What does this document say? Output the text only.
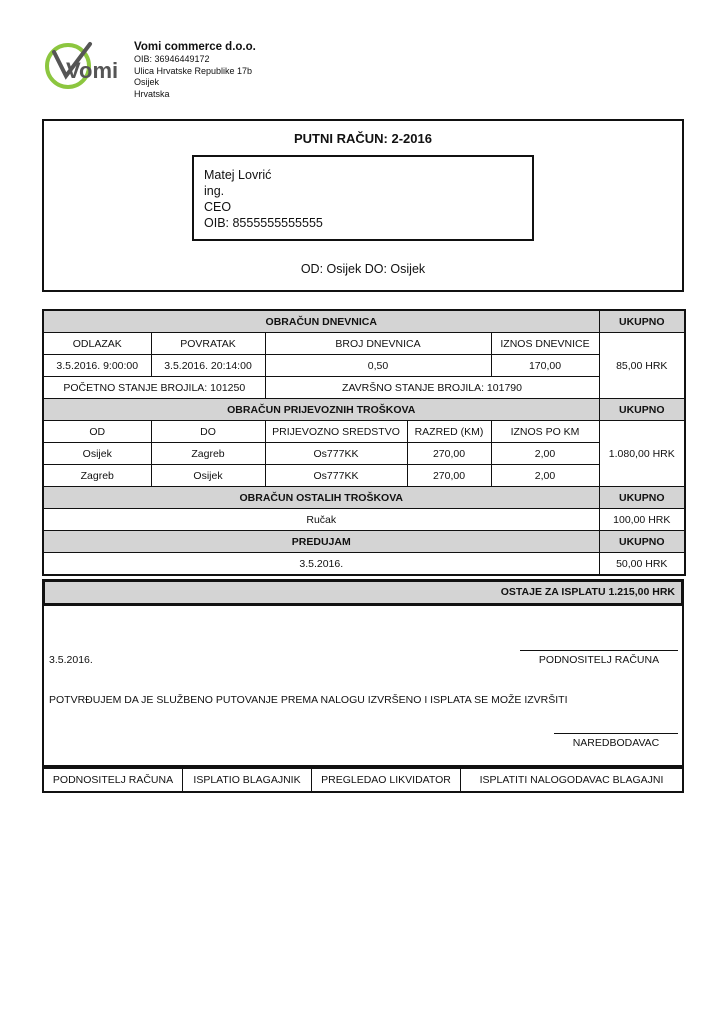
Vomi
Vomi commerce d.o.o.
OIB: 36946449172
Ulica Hrvatske Republike 17b
Osijek
Hrvatska
PUTNI RAČUN: 2-2016
Matej Lovrić
ing.
CEO
OIB: 8555555555555
OD: Osijek DO: Osijek
OBRAČUN DNEVNICA					UKUPNO
ODLAZAK	POVRATAK	BROJ DNEVNICA		IZNOS DNEVNICE	85,00 HRK
3.5.2016. 9:00:00	3.5.2016. 20:14:00	0,50		170,00	
POČETNO STANJE BROJILA: 101250		ZAVRŠNO STANJE BROJILA: 101790			
OBRAČUN PRIJEVOZNIH TROŠKOVA					UKUPNO
OD	DO	PRIJEVOZNO SREDSTVO	RAZRED (KM)	IZNOS PO KM	1.080,00 HRK
Osijek	Zagreb	Os777KK	270,00	2,00	
Zagreb	Osijek	Os777KK	270,00	2,00	
OBRAČUN OSTALIH TROŠKOVA					UKUPNO
Ručak					100,00 HRK
PREDUJAM					UKUPNO
3.5.2016.					50,00 HRK
OSTAJE ZA ISPLATU 1.215,00 HRK
3.5.2016.	PODNOSITELJ RAČUNA
POTVRĐUJEM DA JE SLUŽBENO PUTOVANJE PREMA NALOGU IZVRŠENO I ISPLATA SE MOŽE IZVRŠITI
NAREDBODAVAC
PODNOSITELJ RAČUNA	ISPLATIO BLAGAJNIK	PREGLEDAO LIKVIDATOR	ISPLATITI NALOGODAVAC BLAGAJNI
